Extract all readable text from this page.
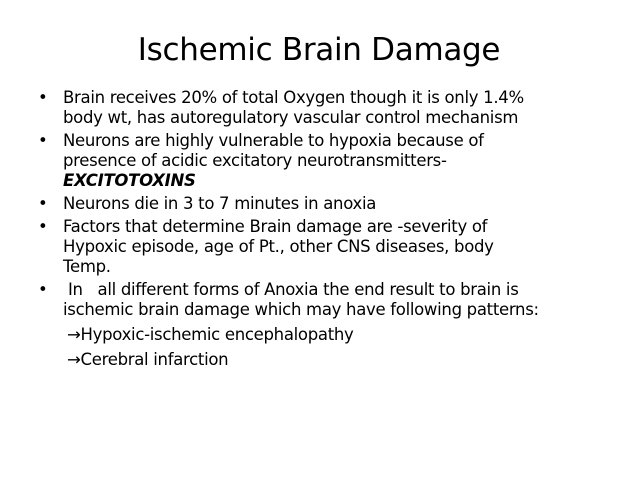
Ischemic Brain Damage
• Brain receives 20% of total Oxygen though it is only 1.4%
body wt, has autoregulatory vascular control mechanism
• Neurons are highly vulnerable to hypoxia because of
presence of acidic excitatory neurotransmitters-
EXCITOTOXINS
• Neurons die in 3 to 7 minutes in anoxia
• Factors that determine Brain damage are -severity of
Hypoxic episode, age of Pt., other CNS diseases, body
Temp.
• In   all different forms of Anoxia the end result to brain is
ischemic brain damage which may have following patterns:
→Hypoxic-ischemic encephalopathy
→Cerebral infarction
